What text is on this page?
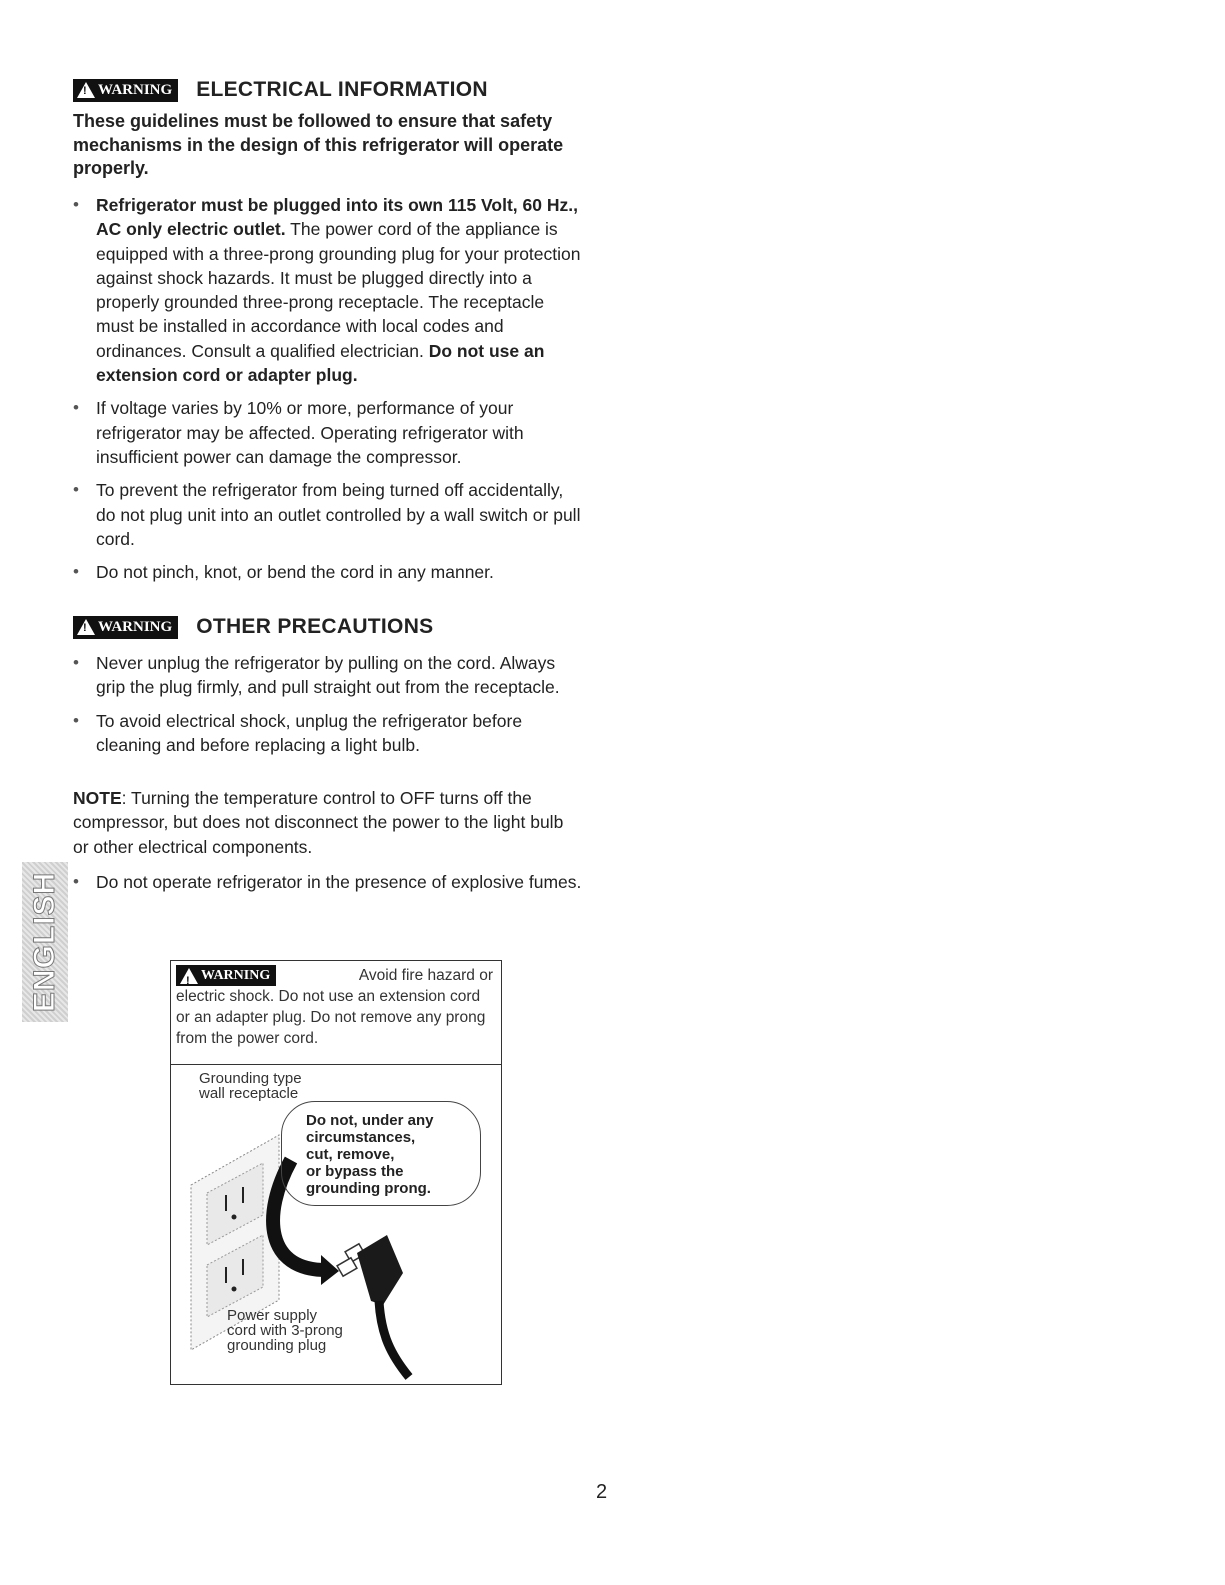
! WARNING ELECTRICAL INFORMATION
These guidelines must be followed to ensure that safety mechanisms in the design of this refrigerator will operate properly.
• Refrigerator must be plugged into its own 115 Volt, 60 Hz., AC only electric outlet. The power cord of the appliance is equipped with a three-prong grounding plug for your protection against shock hazards. It must be plugged directly into a properly grounded three-prong receptacle. The receptacle must be installed in accordance with local codes and ordinances. Consult a qualified electrician. Do not use an extension cord or adapter plug.
• If voltage varies by 10% or more, performance of your refrigerator may be affected. Operating refrigerator with insufficient power can damage the compressor.
• To prevent the refrigerator from being turned off accidentally, do not plug unit into an outlet controlled by a wall switch or pull cord.
• Do not pinch, knot, or bend the cord in any manner.
! WARNING OTHER PRECAUTIONS
• Never unplug the refrigerator by pulling on the cord. Always grip the plug firmly, and pull straight out from the receptacle.
• To avoid electrical shock, unplug the refrigerator before cleaning and before replacing a light bulb.
NOTE: Turning the temperature control to OFF turns off the compressor, but does not disconnect the power to the light bulb or other electrical components.
• Do not operate refrigerator in the presence of explosive fumes.
ENGLISH	! WARNING	Avoid fire hazard or
electric shock. Do not use an extension cord or an adapter plug. Do not remove any prong from the power cord.
Grounding type
wall receptacle
Do not, under any
circumstances,
cut, remove,
or bypass the
grounding prong.
Power supply
cord with 3-prong
grounding plug
2
